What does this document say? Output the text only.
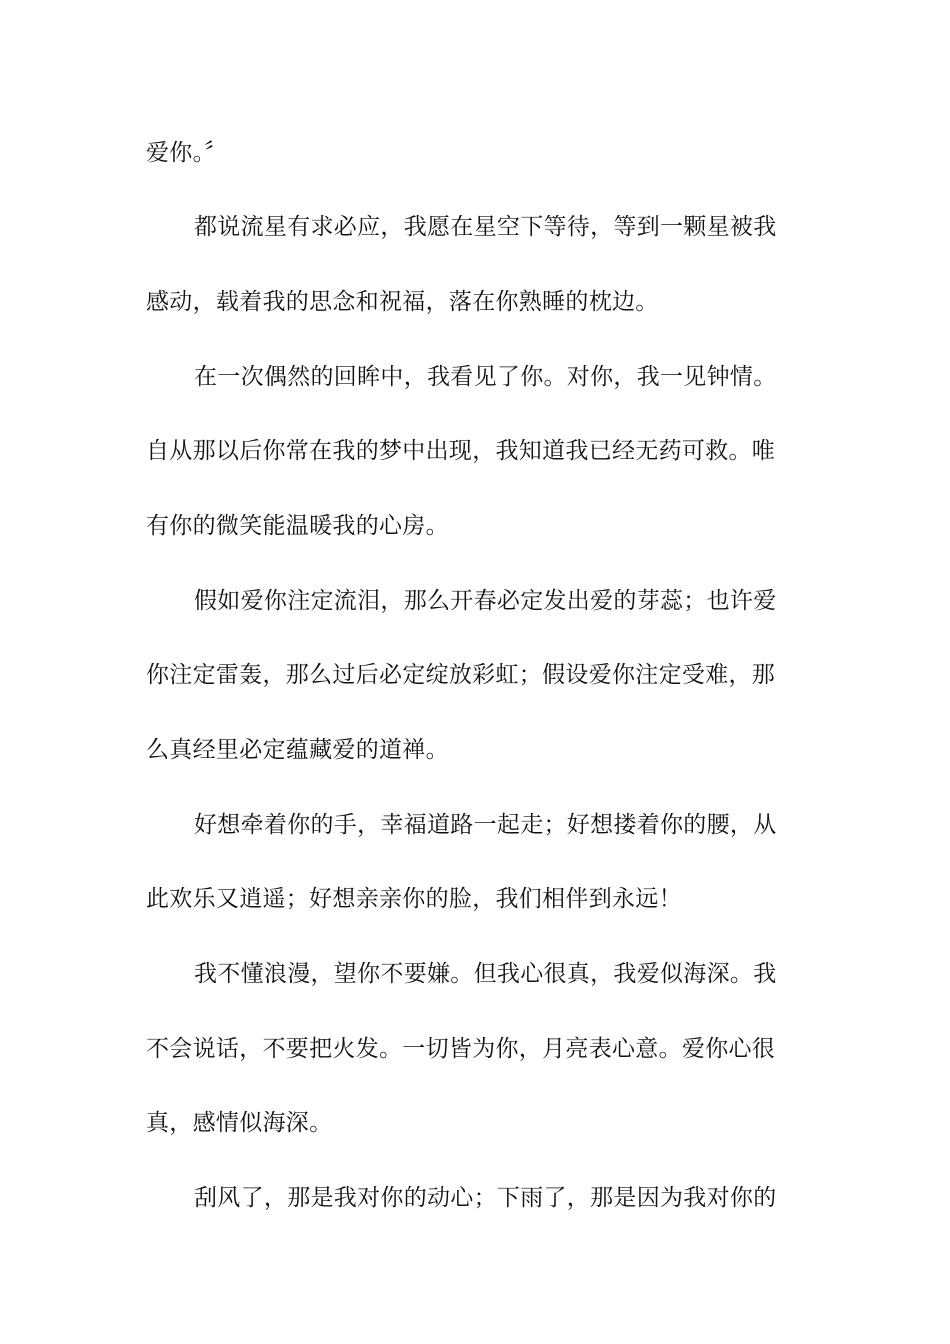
爱你。〞
都说流星有求必应，我愿在星空下等待，等到一颗星被我
感动，载着我的思念和祝福，落在你熟睡的枕边。
在一次偶然的回眸中，我看见了你。对你，我一见钟情。
自从那以后你常在我的梦中出现，我知道我已经无药可救。唯
有你的微笑能温暖我的心房。
假如爱你注定流泪，那么开春必定发出爱的芽蕊；也许爱
你注定雷轰，那么过后必定绽放彩虹；假设爱你注定受难，那
么真经里必定蕴藏爱的道禅。
好想牵着你的手，幸福道路一起走；好想搂着你的腰，从
此欢乐又逍遥；好想亲亲你的脸，我们相伴到永远！
我不懂浪漫，望你不要嫌。但我心很真，我爱似海深。我
不会说话，不要把火发。一切皆为你，月亮表心意。爱你心很
真，感情似海深。
刮风了，那是我对你的动心；下雨了，那是因为我对你的
